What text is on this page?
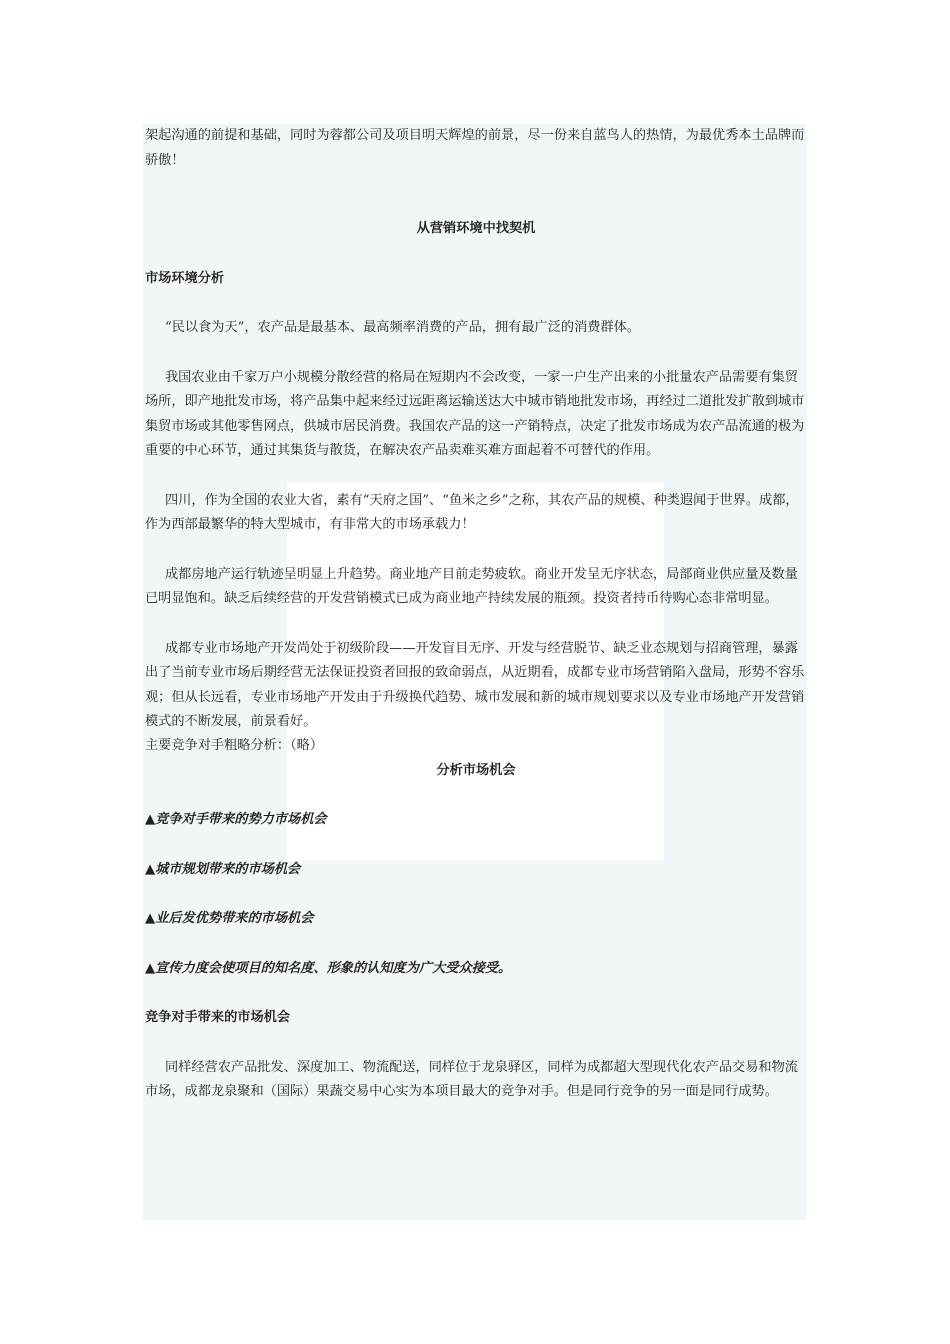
架起沟通的前提和基础，同时为蓉都公司及项目明天辉煌的前景，尽一份来自蓝鸟人的热情，为最优秀本土品牌而骄傲！

从营销环境中找契机

市场环境分析

“民以食为天”，农产品是最基本、最高频率消费的产品，拥有最广泛的消费群体。

我国农业由千家万户小规模分散经营的格局在短期内不会改变，一家一户生产出来的小批量农产品需要有集贸场所，即产地批发市场，将产品集中起来经过远距离运输送达大中城市销地批发市场，再经过二道批发扩散到城市集贸市场或其他零售网点，供城市居民消费。我国农产品的这一产销特点，决定了批发市场成为农产品流通的极为重要的中心环节，通过其集货与散货，在解决农产品卖难买难方面起着不可替代的作用。

四川，作为全国的农业大省，素有“天府之国”、“鱼米之乡”之称，其农产品的规模、种类遐闻于世界。成都，作为西部最繁华的特大型城市，有非常大的市场承载力！

成都房地产运行轨迹呈明显上升趋势。商业地产目前走势疲软。商业开发呈无序状态，局部商业供应量及数量已明显饱和。缺乏后续经营的开发营销模式已成为商业地产持续发展的瓶颈。投资者持币待购心态非常明显。

成都专业市场地产开发尚处于初级阶段——开发盲目无序、开发与经营脱节、缺乏业态规划与招商管理，暴露出了当前专业市场后期经营无法保证投资者回报的致命弱点，从近期看，成都专业市场营销陷入盘局，形势不容乐观；但从长远看，专业市场地产开发由于升级换代趋势、城市发展和新的城市规划要求以及专业市场地产开发营销模式的不断发展，前景看好。

主要竞争对手粗略分析：（略）

分析市场机会

▲竞争对手带来的势力市场机会

▲城市规划带来的市场机会

▲业后发优势带来的市场机会

▲宣传力度会使项目的知名度、形象的认知度为广大受众接受。

竞争对手带来的市场机会

同样经营农产品批发、深度加工、物流配送，同样位于龙泉驿区，同样为成都超大型现代化农产品交易和物流市场，成都龙泉聚和（国际）果蔬交易中心实为本项目最大的竞争对手。但是同行竞争的另一面是同行成势。
